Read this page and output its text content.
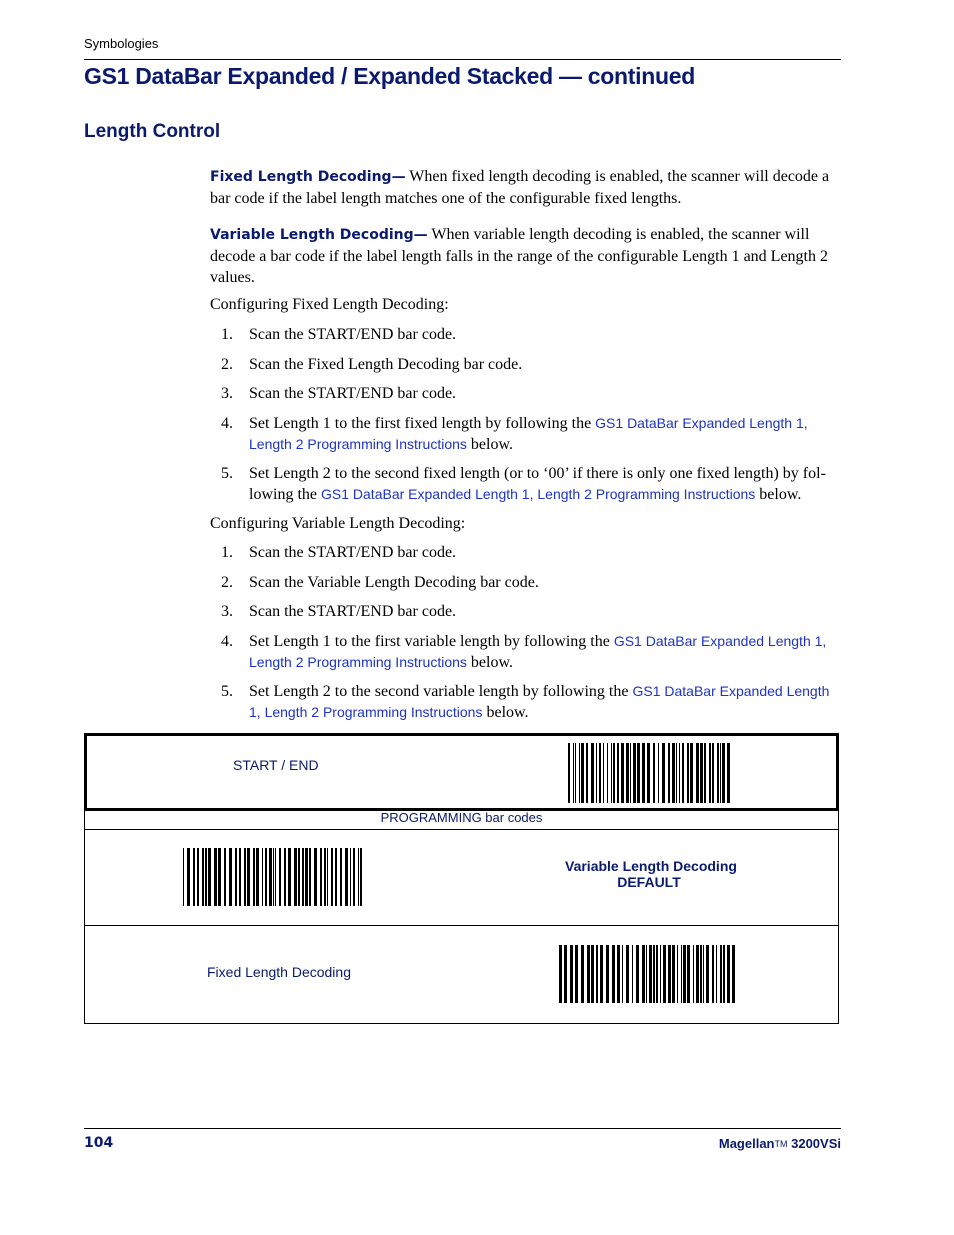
Symbologies
GS1 DataBar Expanded / Expanded Stacked — continued
Length Control
Fixed Length Decoding— When fixed length decoding is enabled, the scanner will decode a bar code if the label length matches one of the configurable fixed lengths.
Variable Length Decoding— When variable length decoding is enabled, the scanner will decode a bar code if the label length falls in the range of the configurable Length 1 and Length 2 values.
Configuring Fixed Length Decoding:
1. Scan the START/END bar code.
2. Scan the Fixed Length Decoding bar code.
3. Scan the START/END bar code.
4. Set Length 1 to the first fixed length by following the GS1 DataBar Expanded Length 1, Length 2 Programming Instructions below.
5. Set Length 2 to the second fixed length (or to ‘00’ if there is only one fixed length) by fol-lowing the GS1 DataBar Expanded Length 1, Length 2 Programming Instructions below.
Configuring Variable Length Decoding:
1. Scan the START/END bar code.
2. Scan the Variable Length Decoding bar code.
3. Scan the START/END bar code.
4. Set Length 1 to the first variable length by following the GS1 DataBar Expanded Length 1, Length 2 Programming Instructions below.
5. Set Length 2 to the second variable length by following the GS1 DataBar Expanded Length 1, Length 2 Programming Instructions below.
START / END
PROGRAMMING bar codes
Variable Length Decoding
DEFAULT
Fixed Length Decoding
104	MagellanTM 3200VSi
